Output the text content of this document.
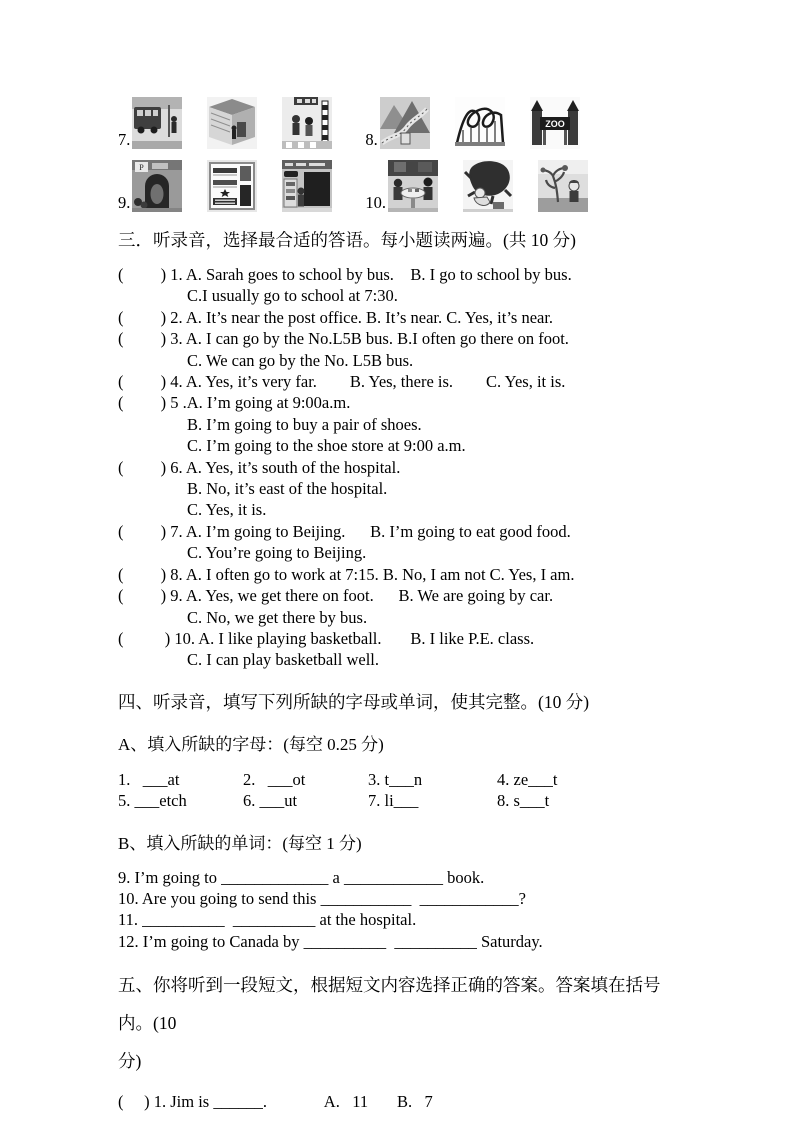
7.	8.
ZOO
9.
P
10.
三．听录音，选择最合适的答语。每小题读两遍。(共 10 分)
(         ) 1. A. Sarah goes to school by bus.    B. I go to school by bus.
C.I usually go to school at 7:30.
(         ) 2. A. It’s near the post office. B. It’s near. C. Yes, it’s near.
(         ) 3. A. I can go by the No.L5B bus. B.I often go there on foot.
C. We can go by the No. L5B bus.
(         ) 4. A. Yes, it’s very far.        B. Yes, there is.        C. Yes, it is.
(         ) 5 .A. I’m going at 9:00a.m.
B. I’m going to buy a pair of shoes.
C. I’m going to the shoe store at 9:00 a.m.
(         ) 6. A. Yes, it’s south of the hospital.
B. No, it’s east of the hospital.
C. Yes, it is.
(         ) 7. A. I’m going to Beijing.      B. I’m going to eat good food.
C. You’re going to Beijing.
(         ) 8. A. I often go to work at 7:15. B. No, I am not C. Yes, I am.
(         ) 9. A. Yes, we get there on foot.      B. We are going by car.
C. No, we get there by bus.
(          ) 10. A. I like playing basketball.       B. I like P.E. class.
C. I can play basketball well.
四、听录音，填写下列所缺的字母或单词，使其完整。(10 分)
A、填入所缺的字母：(每空 0.25 分)
1.   ___at	2.   ___ot	3. t___n	4. ze___t
5. ___etch	6. ___ut	7. li___	8. s___t
B、填入所缺的单词：(每空 1 分)
9. I’m going to _____________ a ____________ book.
10. Are you going to send this ___________  ____________?
11. __________  __________ at the hospital.
12. I’m going to Canada by __________  __________ Saturday.
五、你将听到一段短文，根据短文内容选择正确的答案。答案填在括号内。(10
分)
(     ) 1. Jim is ______.              A.   11       B.   7
